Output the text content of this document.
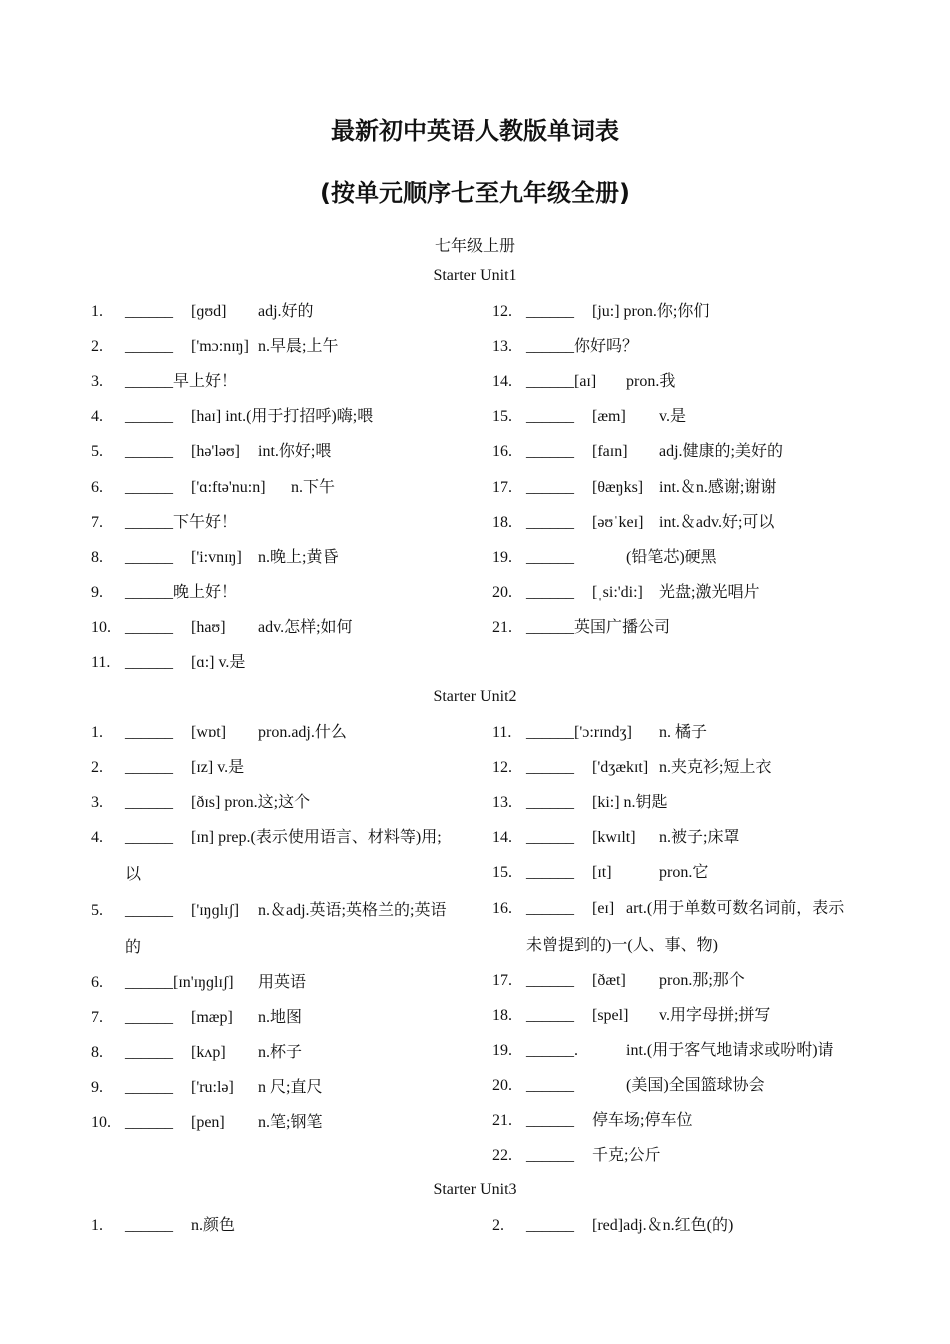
最新初中英语人教版单词表
(按单元顺序七至九年级全册)
七年级上册
Starter Unit1
1. ______ [ɡʊd] adj.好的
2. ______ ['mɔ:nɪŋ] n.早晨;上午
3. ______早上好！
4. ______ [haɪ] int.(用于打招呼)嗨;喂
5. ______ [hə'ləʊ] int.你好;喂
6. ______ ['ɑ:ftə'nu:n] n.下午
7. ______下午好！
8. ______ ['i:vnɪŋ] n.晚上;黄昏
9. ______晚上好！
10. ______ [haʊ] adv.怎样;如何
11. ______ [ɑ:] v.是
12. ______ [ju:] pron.你;你们
13. ______你好吗？
14. ______[aɪ] pron.我
15. ______ [æm] v.是
16. ______ [faɪn] adj.健康的;美好的
17. ______ [θæŋks] int.＆n.感谢;谢谢
18. ______ [əʊˈkeɪ] int.＆adv.好;可以
19. ______	(铅笔芯)硬黑
20. ______ [ˌsi:'di:] 光盘;激光唱片
21. ______英国广播公司
Starter Unit2
1. ______ [wɒt] pron.adj.什么
2. ______ [ɪz] v.是
3. ______ [ðɪs] pron.这;这个
4. ______ [ɪn] prep.(表示使用语言、材料等)用;
以
5. ______ ['ɪŋɡlɪʃ] n.＆adj.英语;英格兰的;英语
的
6. ______[ɪn'ɪŋɡlɪʃ] 用英语
7. ______ [mæp] n.地图
8. ______ [kʌp] n.杯子
9. ______ ['ru:lə] n 尺;直尺
10. ______ [pen] n.笔;钢笔
11. ______['ɔ:rɪndʒ] n. 橘子
12. ______ ['dʒækɪt] n.夹克衫;短上衣
13. ______ [ki:] n.钥匙
14. ______ [kwɪlt] n.被子;床罩
15. ______ [ɪt]	pron.它
16. ______ [eɪ] art.(用于单数可数名词前，表示
未曾提到的)一(人、事、物)
17. ______ [ðæt] pron.那;那个
18. ______ [spel] v.用字母拼;拼写
19. ______.	int.(用于客气地请求或吩咐)请
20. ______	(美国)全国篮球协会
21. ______ 停车场;停车位
22. ______ 千克;公斤
Starter Unit3
1. ______ n.颜色	2. ______ [red]adj.＆n.红色(的)
